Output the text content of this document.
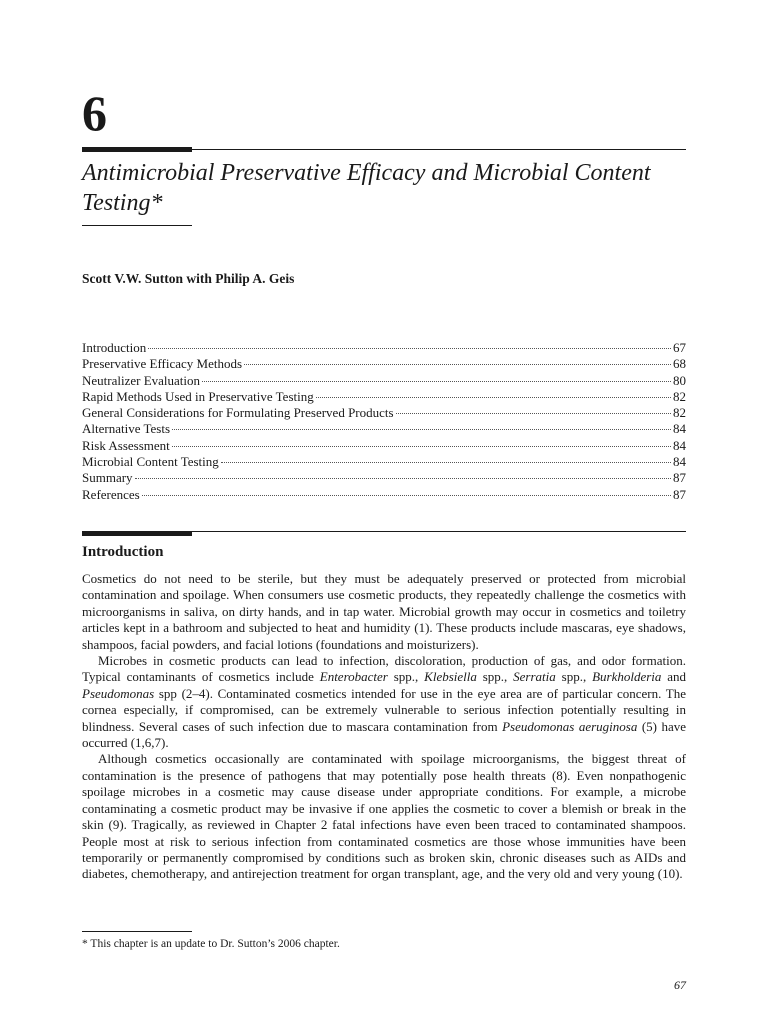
6
Antimicrobial Preservative Efficacy and Microbial Content Testing*

Scott V.W. Sutton with Philip A. Geis

Introduction	67
Preservative Efficacy Methods	68
Neutralizer Evaluation	80
Rapid Methods Used in Preservative Testing	82
General Considerations for Formulating Preserved Products	82
Alternative Tests	84
Risk Assessment	84
Microbial Content Testing	84
Summary	87
References	87
Introduction

Cosmetics do not need to be sterile, but they must be adequately preserved or protected from microbial contamination and spoilage. When consumers use cosmetic products, they repeatedly challenge the cosmetics with microorganisms in saliva, on dirty hands, and in tap water. Microbial growth may occur in cosmetics and toiletry articles kept in a bathroom and subjected to heat and humidity (1). These products include mascaras, eye shadows, shampoos, facial powders, and facial lotions (foundations and moisturizers).

Microbes in cosmetic products can lead to infection, discoloration, production of gas, and odor formation. Typical contaminants of cosmetics include Enterobacter spp., Klebsiella spp., Serratia spp., Burkholderia and Pseudomonas spp (2–4). Contaminated cosmetics intended for use in the eye area are of particular concern. The cornea especially, if compromised, can be extremely vulnerable to serious infection potentially resulting in blindness. Several cases of such infection due to mascara contamination from Pseudomonas aeruginosa (5) have occurred (1,6,7).

Although cosmetics occasionally are contaminated with spoilage microorganisms, the biggest threat of contamination is the presence of pathogens that may potentially pose health threats (8). Even nonpathogenic spoilage microbes in a cosmetic may cause disease under appropriate conditions. For example, a microbe contaminating a cosmetic product may be invasive if one applies the cosmetic to cover a blemish or break in the skin (9). Tragically, as reviewed in Chapter 2 fatal infections have even been traced to contaminated shampoos. People most at risk to serious infection from contaminated cosmetics are those whose immunities have been temporarily or permanently compromised by conditions such as broken skin, chronic diseases such as AIDs and diabetes, chemotherapy, and antirejection treatment for organ transplant, age, and the very old and very young (10).

* This chapter is an update to Dr. Sutton’s 2006 chapter.

67
